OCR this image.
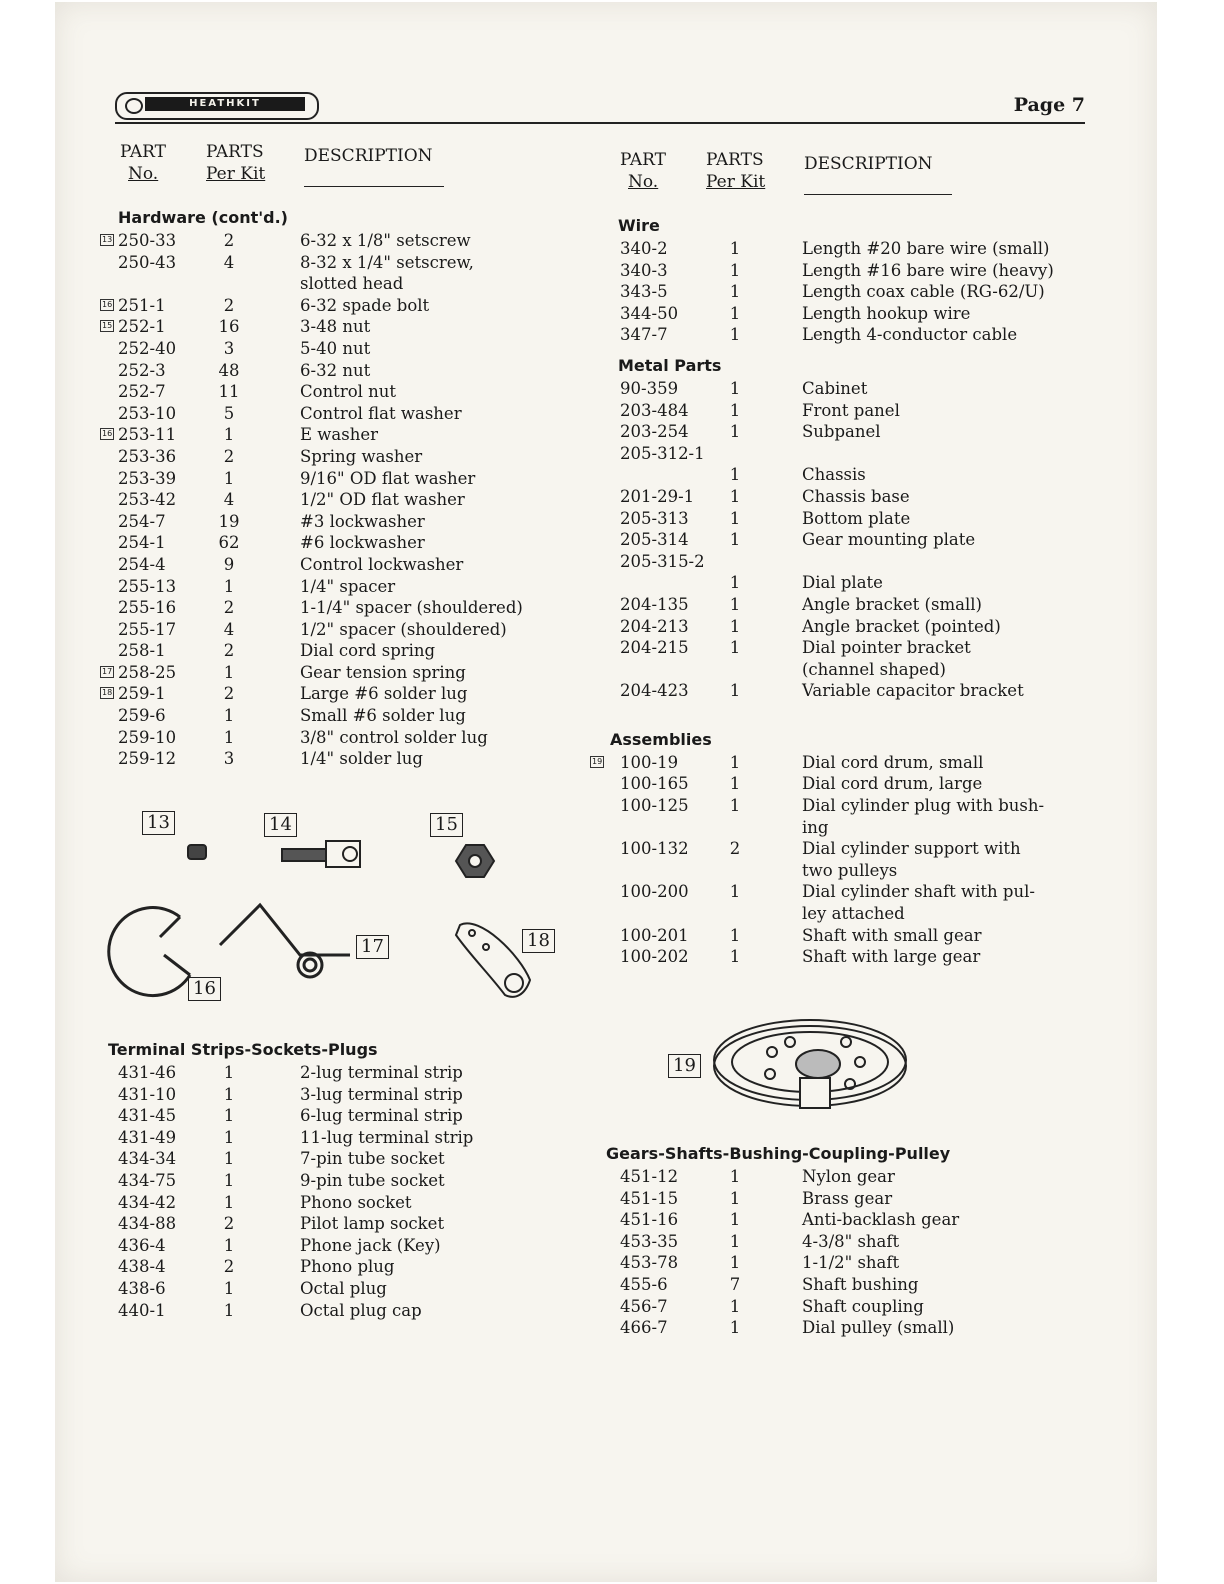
HEATHKIT	Page 7
PART
No.
PARTS
Per Kit
DESCRIPTION
Hardware (cont'd.)
13 250-33	2	6-32 x 1/8" setscrew
250-43	4	8-32 x 1/4" setscrew,
slotted head
16 251-1	2	6-32 spade bolt
15 252-1	16	3-48 nut
252-40	3	5-40 nut
252-3	48	6-32 nut
252-7	11	Control nut
253-10	5	Control flat washer
16 253-11	1	E washer
253-36	2	Spring washer
253-39	1	9/16" OD flat washer
253-42	4	1/2" OD flat washer
254-7	19	#3 lockwasher
254-1	62	#6 lockwasher
254-4	9	Control lockwasher
255-13	1	1/4" spacer
255-16	2	1-1/4" spacer (shouldered)
255-17	4	1/2" spacer (shouldered)
258-1	2	Dial cord spring
17 258-25	1	Gear tension spring
18 259-1	2	Large #6 solder lug
259-6	1	Small #6 solder lug
259-10	1	3/8" control solder lug
259-12	3	1/4" solder lug
13	14	15
16
17	18
Terminal Strips-Sockets-Plugs
431-46	1	2-lug terminal strip
431-10	1	3-lug terminal strip
431-45	1	6-lug terminal strip
431-49	1	11-lug terminal strip
434-34	1	7-pin tube socket
434-75	1	9-pin tube socket
434-42	1	Phono socket
434-88	2	Pilot lamp socket
436-4	1	Phone jack (Key)
438-4	2	Phono plug
438-6	1	Octal plug
440-1	1	Octal plug cap
PART
No.
PARTS
Per Kit
DESCRIPTION
Wire
340-2	1	Length #20 bare wire (small)
340-3	1	Length #16 bare wire (heavy)
343-5	1	Length coax cable (RG-62/U)
344-50	1	Length hookup wire
347-7	1	Length 4-conductor cable
Metal Parts
90-359	1	Cabinet
203-484	1	Front panel
203-254	1	Subpanel
205-312-1
1	Chassis
201-29-1	1	Chassis base
205-313	1	Bottom plate
205-314	1	Gear mounting plate
205-315-2
1	Dial plate
204-135	1	Angle bracket (small)
204-213	1	Angle bracket (pointed)
204-215	1	Dial pointer bracket
(channel shaped)
204-423	1	Variable capacitor bracket
Assemblies
19 100-19	1	Dial cord drum, small
100-165	1	Dial cord drum, large
100-125	1	Dial cylinder plug with bush-
ing
100-132	2	Dial cylinder support with
two pulleys
100-200	1	Dial cylinder shaft with pul-
ley attached
100-201	1	Shaft with small gear
100-202	1	Shaft with large gear
19
Gears-Shafts-Bushing-Coupling-Pulley
451-12	1	Nylon gear
451-15	1	Brass gear
451-16	1	Anti-backlash gear
453-35	1	4-3/8" shaft
453-78	1	1-1/2" shaft
455-6	7	Shaft bushing
456-7	1	Shaft coupling
466-7	1	Dial pulley (small)
